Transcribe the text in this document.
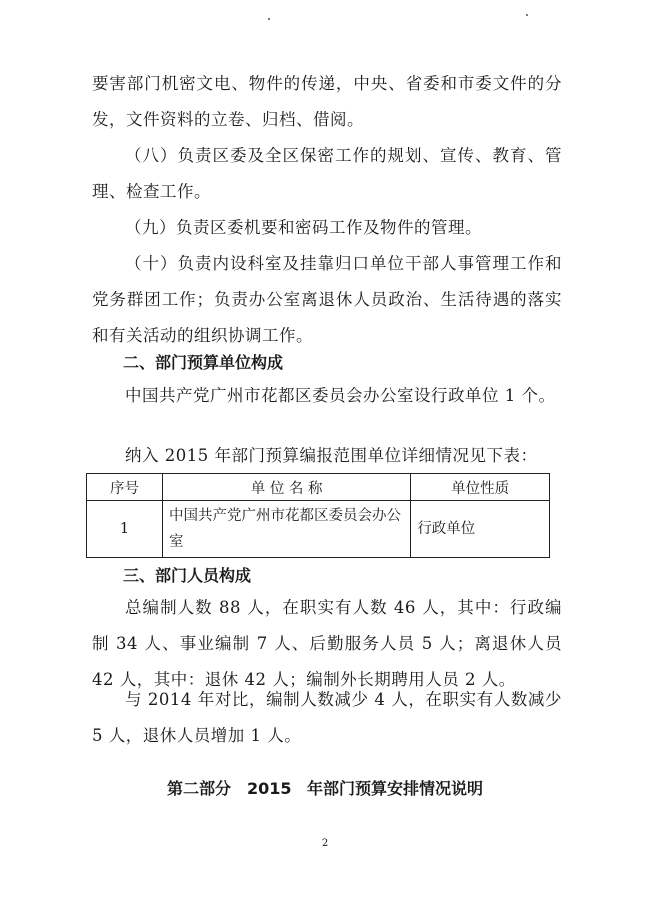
要害部门机密文电、物件的传递，中央、省委和市委文件的分发，文件资料的立卷、归档、借阅。

（八）负责区委及全区保密工作的规划、宣传、教育、管理、检查工作。

（九）负责区委机要和密码工作及物件的管理。

（十）负责内设科室及挂靠归口单位干部人事管理工作和党务群团工作；负责办公室离退休人员政治、生活待遇的落实和有关活动的组织协调工作。

二、部门预算单位构成

中国共产党广州市花都区委员会办公室设行政单位 1 个。

纳入 2015 年部门预算编报范围单位详细情况见下表：

序号	单 位 名 称	单位性质
1	中国共产党广州市花都区委员会办公室	行政单位
三、部门人员构成

总编制人数 88 人，在职实有人数 46 人，其中：行政编制 34 人、事业编制 7 人、后勤服务人员 5 人；离退休人员 42 人，其中：退休 42 人；编制外长期聘用人员 2 人。

与 2014 年对比，编制人数减少 4 人，在职实有人数减少 5 人，退休人员增加 1 人。

第二部分　2015 年部门预算安排情况说明

2
